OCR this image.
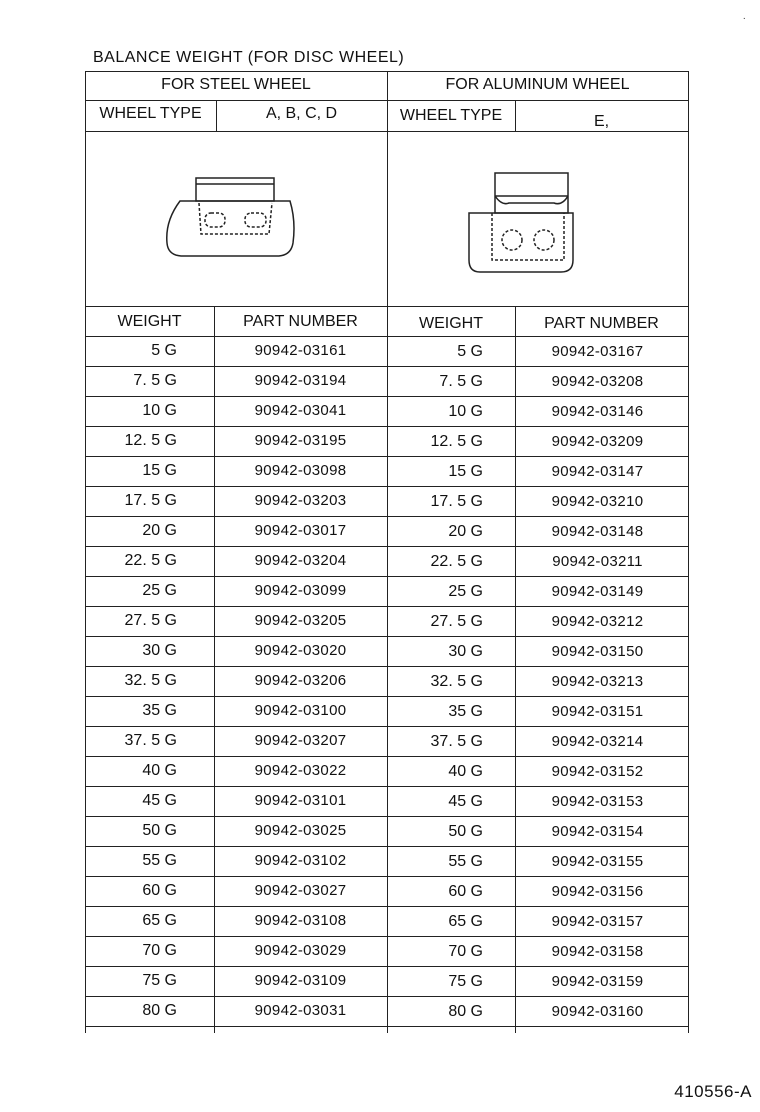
·
BALANCE WEIGHT (FOR DISC WHEEL)
FOR STEEL WHEEL	FOR ALUMINUM WHEEL
WHEEL TYPE	A, B, C, D	WHEEL TYPE	E,
WEIGHT	PART NUMBER	WEIGHT	PART NUMBER
5 G	90942-03161	5 G	90942-03167
7. 5 G	90942-03194	7. 5 G	90942-03208
10 G	90942-03041	10 G	90942-03146
12. 5 G	90942-03195	12. 5 G	90942-03209
15 G	90942-03098	15 G	90942-03147
17. 5 G	90942-03203	17. 5 G	90942-03210
20 G	90942-03017	20 G	90942-03148
22. 5 G	90942-03204	22. 5 G	90942-03211
25 G	90942-03099	25 G	90942-03149
27. 5 G	90942-03205	27. 5 G	90942-03212
30 G	90942-03020	30 G	90942-03150
32. 5 G	90942-03206	32. 5 G	90942-03213
35 G	90942-03100	35 G	90942-03151
37. 5 G	90942-03207	37. 5 G	90942-03214
40 G	90942-03022	40 G	90942-03152
45 G	90942-03101	45 G	90942-03153
50 G	90942-03025	50 G	90942-03154
55 G	90942-03102	55 G	90942-03155
60 G	90942-03027	60 G	90942-03156
65 G	90942-03108	65 G	90942-03157
70 G	90942-03029	70 G	90942-03158
75 G	90942-03109	75 G	90942-03159
80 G	90942-03031	80 G	90942-03160
410556-A
